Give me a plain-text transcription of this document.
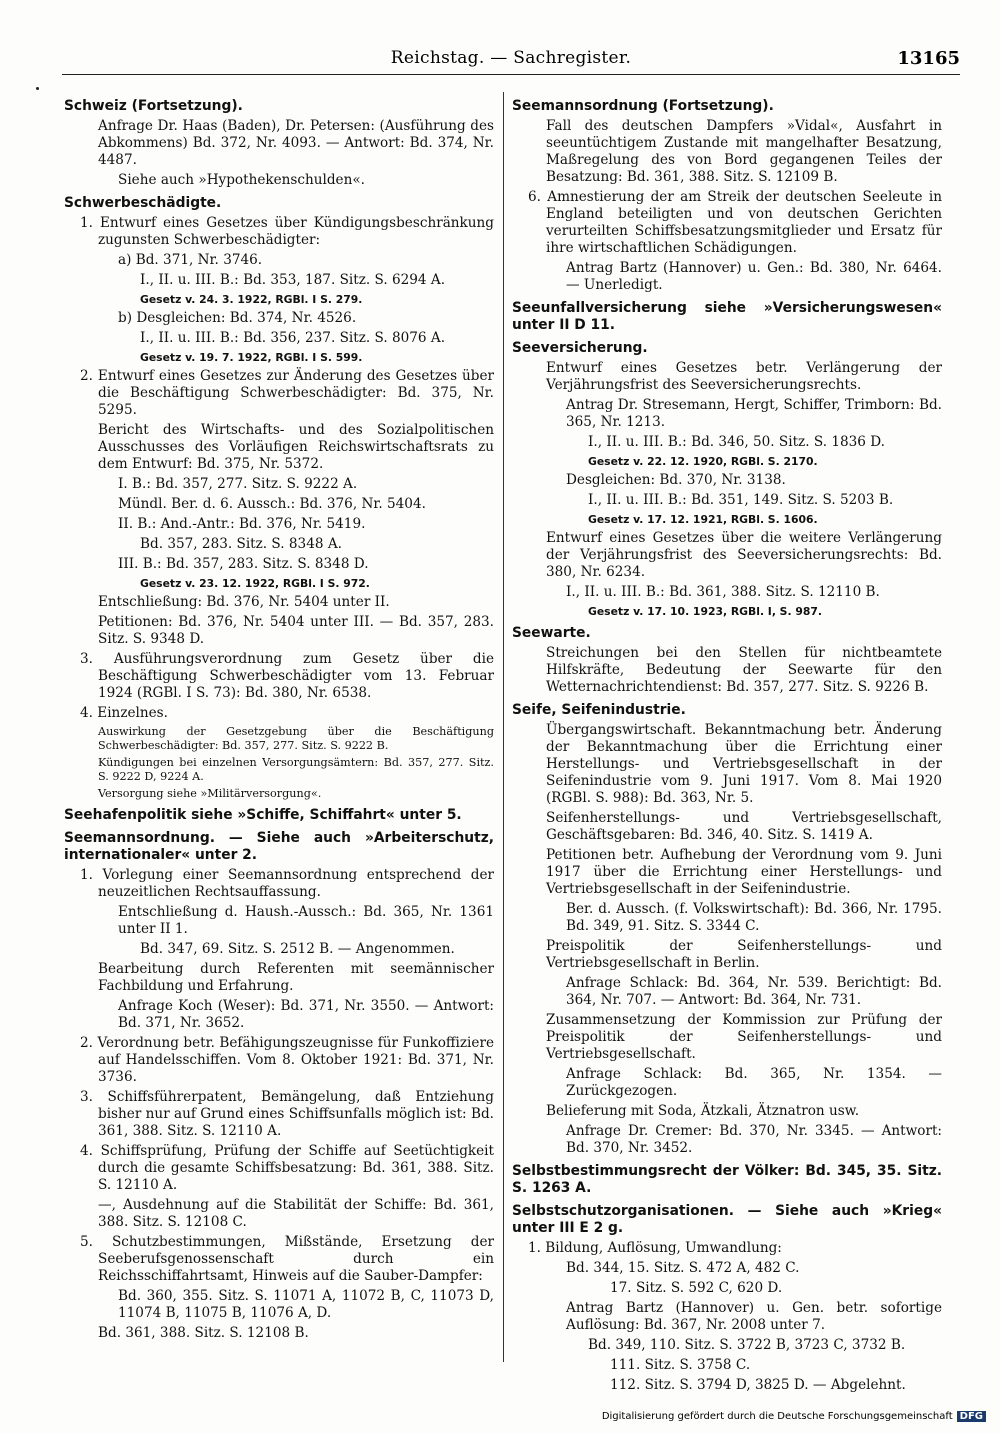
Reichstag. — Sachregister.	13165
Schweiz (Fortsetzung).
Anfrage Dr. Haas (Baden), Dr. Petersen: (Ausführung des Abkommens) Bd. 372, Nr. 4093. — Antwort: Bd. 374, Nr. 4487.
Siehe auch »Hypothekenschulden«.
Schwerbeschädigte.
1. Entwurf eines Gesetzes über Kündigungsbeschränkung zugunsten Schwerbeschädigter:
a) Bd. 371, Nr. 3746.
I., II. u. III. B.: Bd. 353, 187. Sitz. S. 6294 A.
Gesetz v. 24. 3. 1922, RGBl. I S. 279.
b) Desgleichen: Bd. 374, Nr. 4526.
I., II. u. III. B.: Bd. 356, 237. Sitz. S. 8076 A.
Gesetz v. 19. 7. 1922, RGBl. I S. 599.
2. Entwurf eines Gesetzes zur Änderung des Gesetzes über die Beschäftigung Schwerbeschädigter: Bd. 375, Nr. 5295.
Bericht des Wirtschafts- und des Sozialpolitischen Ausschusses des Vorläufigen Reichswirtschaftsrats zu dem Entwurf: Bd. 375, Nr. 5372.
I. B.: Bd. 357, 277. Sitz. S. 9222 A.
Mündl. Ber. d. 6. Aussch.: Bd. 376, Nr. 5404.
II. B.: And.-Antr.: Bd. 376, Nr. 5419.
Bd. 357, 283. Sitz. S. 8348 A.
III. B.: Bd. 357, 283. Sitz. S. 8348 D.
Gesetz v. 23. 12. 1922, RGBl. I S. 972.
Entschließung: Bd. 376, Nr. 5404 unter II.
Petitionen: Bd. 376, Nr. 5404 unter III. — Bd. 357, 283. Sitz. S. 9348 D.
3. Ausführungsverordnung zum Gesetz über die Beschäftigung Schwerbeschädigter vom 13. Februar 1924 (RGBl. I S. 73): Bd. 380, Nr. 6538.
4. Einzelnes.
Auswirkung der Gesetzgebung über die Beschäftigung Schwerbeschädigter: Bd. 357, 277. Sitz. S. 9222 B.
Kündigungen bei einzelnen Versorgungsämtern: Bd. 357, 277. Sitz. S. 9222 D, 9224 A.
Versorgung siehe »Militärversorgung«.
Seehafenpolitik siehe »Schiffe, Schiffahrt« unter 5.
Seemannsordnung. — Siehe auch »Arbeiterschutz, internationaler« unter 2.
1. Vorlegung einer Seemannsordnung entsprechend der neuzeitlichen Rechtsauffassung.
Entschließung d. Haush.-Aussch.: Bd. 365, Nr. 1361 unter II 1.
Bd. 347, 69. Sitz. S. 2512 B. — Angenommen.
Bearbeitung durch Referenten mit seemännischer Fachbildung und Erfahrung.
Anfrage Koch (Weser): Bd. 371, Nr. 3550. — Antwort: Bd. 371, Nr. 3652.
2. Verordnung betr. Befähigungszeugnisse für Funkoffiziere auf Handelsschiffen. Vom 8. Oktober 1921: Bd. 371, Nr. 3736.
3. Schiffsführerpatent, Bemängelung, daß Entziehung bisher nur auf Grund eines Schiffsunfalls möglich ist: Bd. 361, 388. Sitz. S. 12110 A.
4. Schiffsprüfung, Prüfung der Schiffe auf Seetüchtigkeit durch die gesamte Schiffsbesatzung: Bd. 361, 388. Sitz. S. 12110 A.
—, Ausdehnung auf die Stabilität der Schiffe: Bd. 361, 388. Sitz. S. 12108 C.
5. Schutzbestimmungen, Mißstände, Ersetzung der Seeberufsgenossenschaft durch ein Reichsschiffahrtsamt, Hinweis auf die Sauber-Dampfer:
Bd. 360, 355. Sitz. S. 11071 A, 11072 B, C, 11073 D, 11074 B, 11075 B, 11076 A, D.
Bd. 361, 388. Sitz. S. 12108 B.
Seemannsordnung (Fortsetzung).
Fall des deutschen Dampfers »Vidal«, Ausfahrt in seeuntüchtigem Zustande mit mangelhafter Besatzung, Maßregelung des von Bord gegangenen Teiles der Besatzung: Bd. 361, 388. Sitz. S. 12109 B.
6. Amnestierung der am Streik der deutschen Seeleute in England beteiligten und von deutschen Gerichten verurteilten Schiffsbesatzungsmitglieder und Ersatz für ihre wirtschaftlichen Schädigungen.
Antrag Bartz (Hannover) u. Gen.: Bd. 380, Nr. 6464. — Unerledigt.
Seeunfallversicherung siehe »Versicherungswesen« unter II D 11.
Seeversicherung.
Entwurf eines Gesetzes betr. Verlängerung der Verjährungsfrist des Seeversicherungsrechts.
Antrag Dr. Stresemann, Hergt, Schiffer, Trimborn: Bd. 365, Nr. 1213.
I., II. u. III. B.: Bd. 346, 50. Sitz. S. 1836 D.
Gesetz v. 22. 12. 1920, RGBl. S. 2170.
Desgleichen: Bd. 370, Nr. 3138.
I., II. u. III. B.: Bd. 351, 149. Sitz. S. 5203 B.
Gesetz v. 17. 12. 1921, RGBl. S. 1606.
Entwurf eines Gesetzes über die weitere Verlängerung der Verjährungsfrist des Seeversicherungsrechts: Bd. 380, Nr. 6234.
I., II. u. III. B.: Bd. 361, 388. Sitz. S. 12110 B.
Gesetz v. 17. 10. 1923, RGBl. I, S. 987.
Seewarte.
Streichungen bei den Stellen für nichtbeamtete Hilfskräfte, Bedeutung der Seewarte für den Wetternachrichtendienst: Bd. 357, 277. Sitz. S. 9226 B.
Seife, Seifenindustrie.
Übergangswirtschaft. Bekanntmachung betr. Änderung der Bekanntmachung über die Errichtung einer Herstellungs- und Vertriebsgesellschaft in der Seifenindustrie vom 9. Juni 1917. Vom 8. Mai 1920 (RGBl. S. 988): Bd. 363, Nr. 5.
Seifenherstellungs- und Vertriebsgesellschaft, Geschäftsgebaren: Bd. 346, 40. Sitz. S. 1419 A.
Petitionen betr. Aufhebung der Verordnung vom 9. Juni 1917 über die Errichtung einer Herstellungs- und Vertriebsgesellschaft in der Seifenindustrie.
Ber. d. Aussch. (f. Volkswirtschaft): Bd. 366, Nr. 1795. Bd. 349, 91. Sitz. S. 3344 C.
Preispolitik der Seifenherstellungs- und Vertriebsgesellschaft in Berlin.
Anfrage Schlack: Bd. 364, Nr. 539. Berichtigt: Bd. 364, Nr. 707. — Antwort: Bd. 364, Nr. 731.
Zusammensetzung der Kommission zur Prüfung der Preispolitik der Seifenherstellungs- und Vertriebsgesellschaft.
Anfrage Schlack: Bd. 365, Nr. 1354. — Zurückgezogen.
Belieferung mit Soda, Ätzkali, Ätznatron usw.
Anfrage Dr. Cremer: Bd. 370, Nr. 3345. — Antwort: Bd. 370, Nr. 3452.
Selbstbestimmungsrecht der Völker: Bd. 345, 35. Sitz. S. 1263 A.
Selbstschutzorganisationen. — Siehe auch »Krieg« unter III E 2 g.
1. Bildung, Auflösung, Umwandlung:
Bd. 344, 15. Sitz. S. 472 A, 482 C.
17. Sitz. S. 592 C, 620 D.
Antrag Bartz (Hannover) u. Gen. betr. sofortige Auflösung: Bd. 367, Nr. 2008 unter 7.
Bd. 349, 110. Sitz. S. 3722 B, 3723 C, 3732 B.
111. Sitz. S. 3758 C.
112. Sitz. S. 3794 D, 3825 D. — Abgelehnt.
Digitalisierung gefördert durch die Deutsche Forschungsgemeinschaft DFG
